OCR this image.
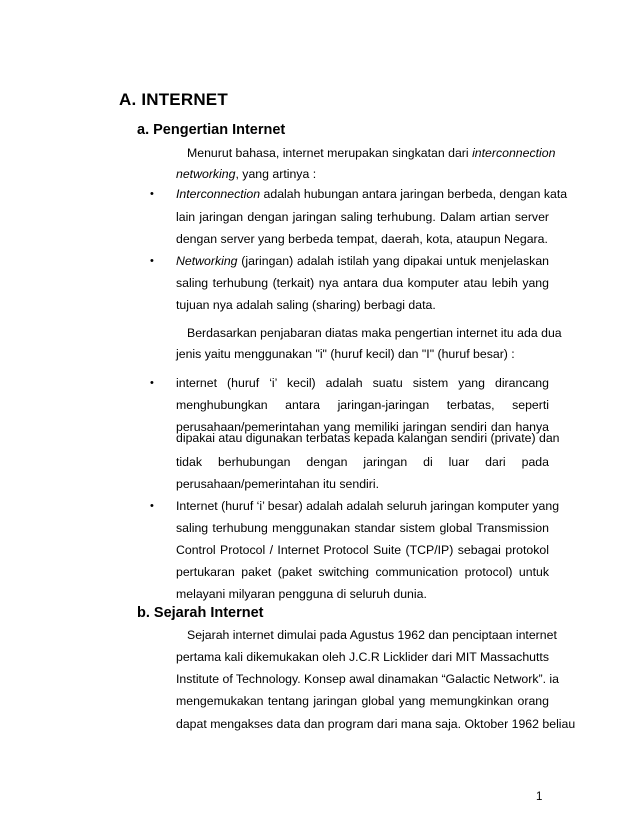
A. INTERNET
a. Pengertian Internet
Menurut bahasa, internet merupakan singkatan dari interconnection
networking, yang artinya :
• Interconnection adalah hubungan antara jaringan berbeda, dengan kata
lain jaringan dengan jaringan saling terhubung. Dalam artian server
dengan server yang berbeda tempat, daerah, kota, ataupun Negara.
• Networking (jaringan) adalah istilah yang dipakai untuk menjelaskan
saling terhubung (terkait) nya antara dua komputer atau lebih yang
tujuan nya adalah saling (sharing) berbagi data.
Berdasarkan penjabaran diatas maka pengertian internet itu ada dua
jenis yaitu menggunakan "i" (huruf kecil) dan "I" (huruf besar) :
• internet (huruf ‘i’ kecil) adalah suatu sistem yang dirancang
menghubungkan antara jaringan-jaringan terbatas, seperti
perusahaan/pemerintahan yang memiliki jaringan sendiri dan hanya
dipakai atau digunakan terbatas kepada kalangan sendiri (private) dan
tidak berhubungan dengan jaringan di luar dari pada
perusahaan/pemerintahan itu sendiri.
• Internet (huruf ‘i’ besar) adalah adalah seluruh jaringan komputer yang
saling terhubung menggunakan standar sistem global Transmission
Control Protocol / Internet Protocol Suite (TCP/IP) sebagai protokol
pertukaran paket (paket switching communication protocol) untuk
melayani milyaran pengguna di seluruh dunia.
b. Sejarah Internet
Sejarah internet dimulai pada Agustus 1962 dan penciptaan internet
pertama kali dikemukakan oleh J.C.R Licklider dari MIT Massachutts
Institute of Technology. Konsep awal dinamakan “Galactic Network”. ia
mengemukakan tentang jaringan global yang memungkinkan orang
dapat mengakses data dan program dari mana saja. Oktober 1962 beliau
1
